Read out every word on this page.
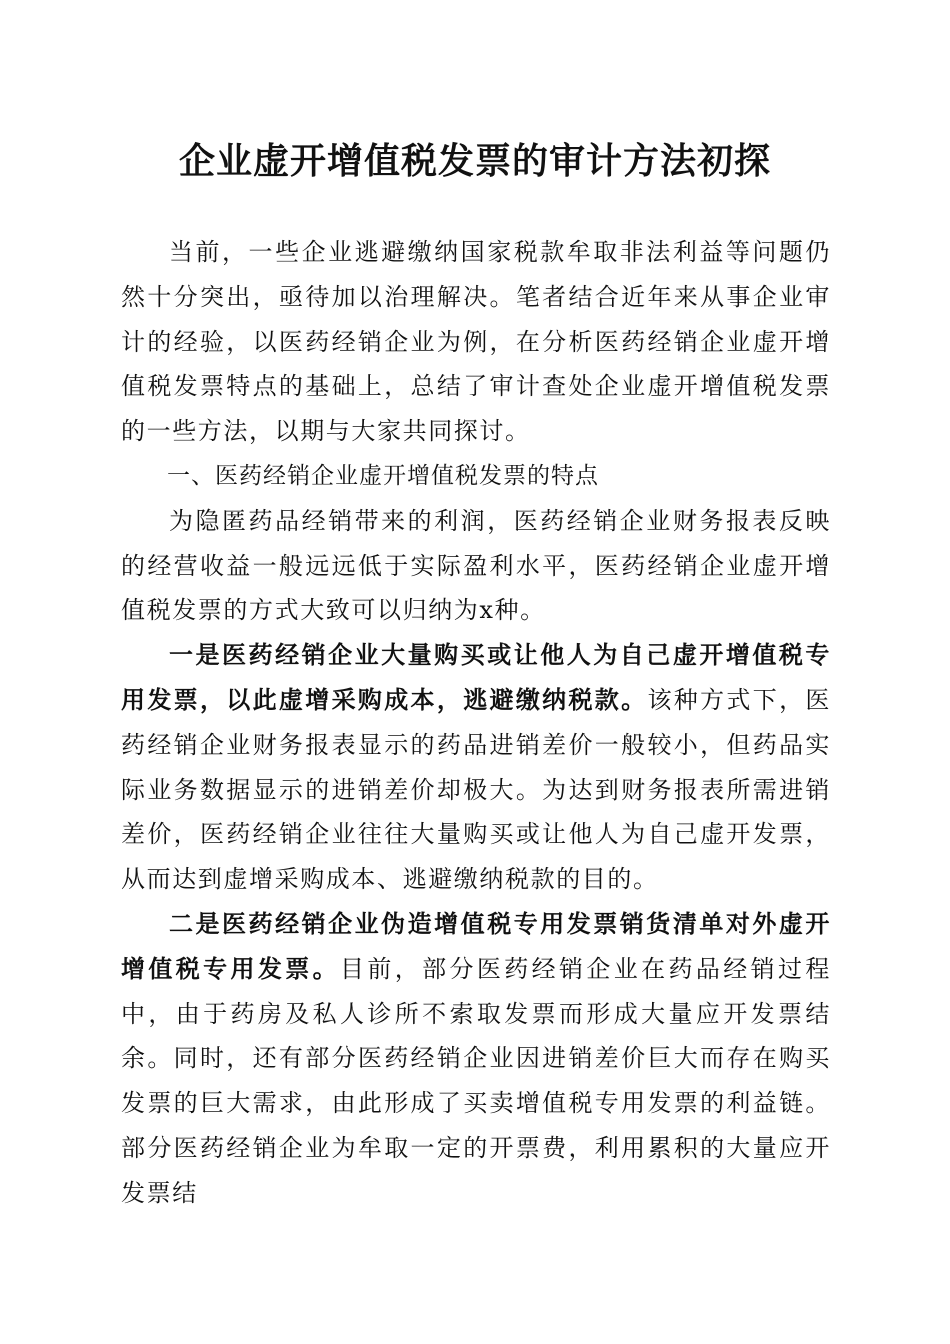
企业虚开增值税发票的审计方法初探

当前，一些企业逃避缴纳国家税款牟取非法利益等问题仍然十分突出，亟待加以治理解决。笔者结合近年来从事企业审计的经验，以医药经销企业为例，在分析医药经销企业虚开增值税发票特点的基础上，总结了审计查处企业虚开增值税发票的一些方法，以期与大家共同探讨。

一、医药经销企业虚开增值税发票的特点

为隐匿药品经销带来的利润，医药经销企业财务报表反映的经营收益一般远远低于实际盈利水平，医药经销企业虚开增值税发票的方式大致可以归纳为x种。

一是医药经销企业大量购买或让他人为自己虚开增值税专用发票，以此虚增采购成本，逃避缴纳税款。该种方式下，医药经销企业财务报表显示的药品进销差价一般较小，但药品实际业务数据显示的进销差价却极大。为达到财务报表所需进销差价，医药经销企业往往大量购买或让他人为自己虚开发票，从而达到虚增采购成本、逃避缴纳税款的目的。

二是医药经销企业伪造增值税专用发票销货清单对外虚开增值税专用发票。目前，部分医药经销企业在药品经销过程中，由于药房及私人诊所不索取发票而形成大量应开发票结余。同时，还有部分医药经销企业因进销差价巨大而存在购买发票的巨大需求，由此形成了买卖增值税专用发票的利益链。部分医药经销企业为牟取一定的开票费，利用累积的大量应开发票结
